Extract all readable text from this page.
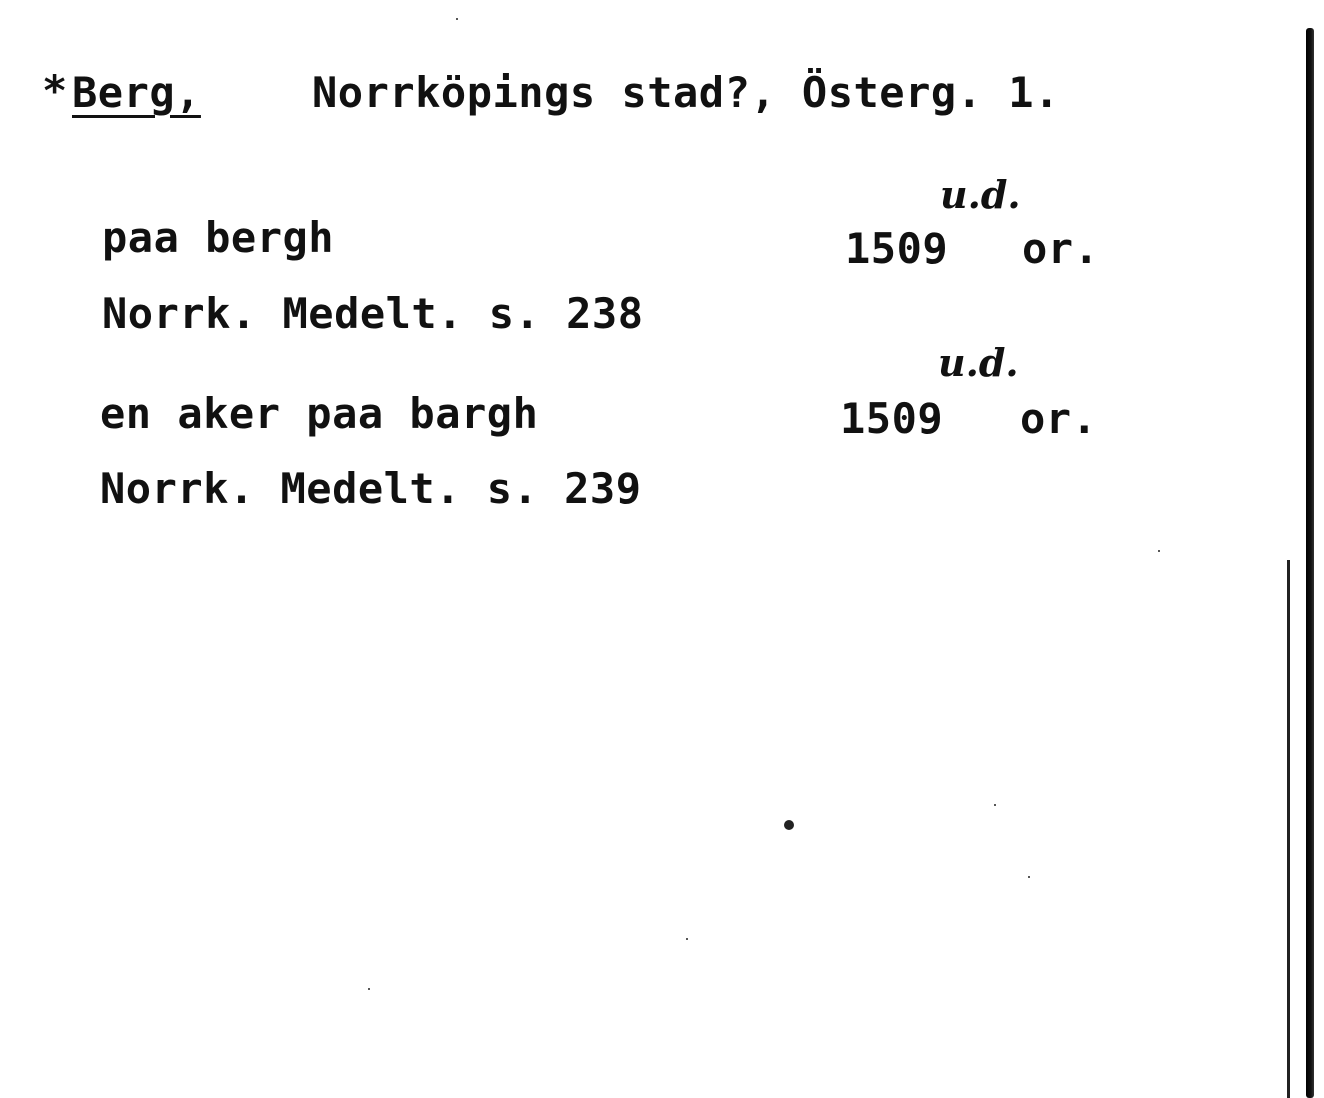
* Berg,	Norrköpings stad?, Österg. 1.
u.d.
paa bergh	1509 or.
Norrk. Medelt. s. 238
u.d.
en aker paa bargh	1509 or.
Norrk. Medelt. s. 239
